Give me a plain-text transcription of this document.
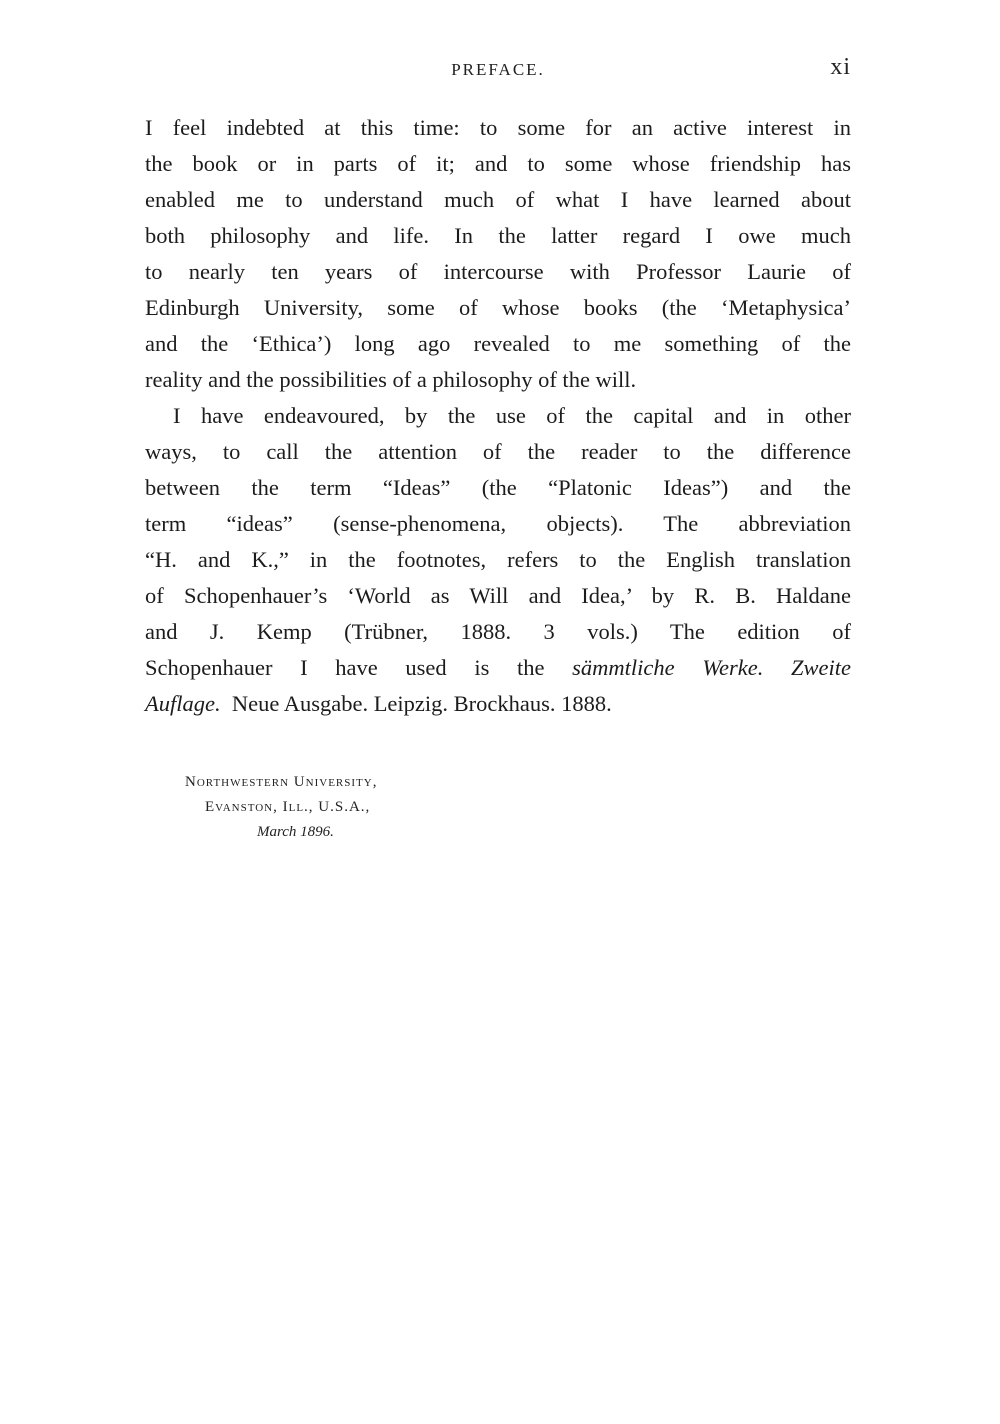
PREFACE.	xi
I feel indebted at this time: to some for an active interest in
the book or in parts of it; and to some whose friendship has
enabled me to understand much of what I have learned about
both philosophy and life. In the latter regard I owe much
to nearly ten years of intercourse with Professor Laurie of
Edinburgh University, some of whose books (the ‘Metaphysica’
and the ‘Ethica’) long ago revealed to me something of the
reality and the possibilities of a philosophy of the will.
I have endeavoured, by the use of the capital and in other
ways, to call the attention of the reader to the difference
between the term “Ideas” (the “Platonic Ideas”) and the
term “ideas” (sense-phenomena, objects). The abbreviation
“H. and K.,” in the footnotes, refers to the English translation
of Schopenhauer’s ‘World as Will and Idea,’ by R. B. Haldane
and J. Kemp (Trübner, 1888. 3 vols.) The edition of
Schopenhauer I have used is the sämmtliche Werke. Zweite
Auflage. Neue Ausgabe. Leipzig. Brockhaus. 1888.
Northwestern University,
Evanston, Ill., U.S.A.,
March 1896.
